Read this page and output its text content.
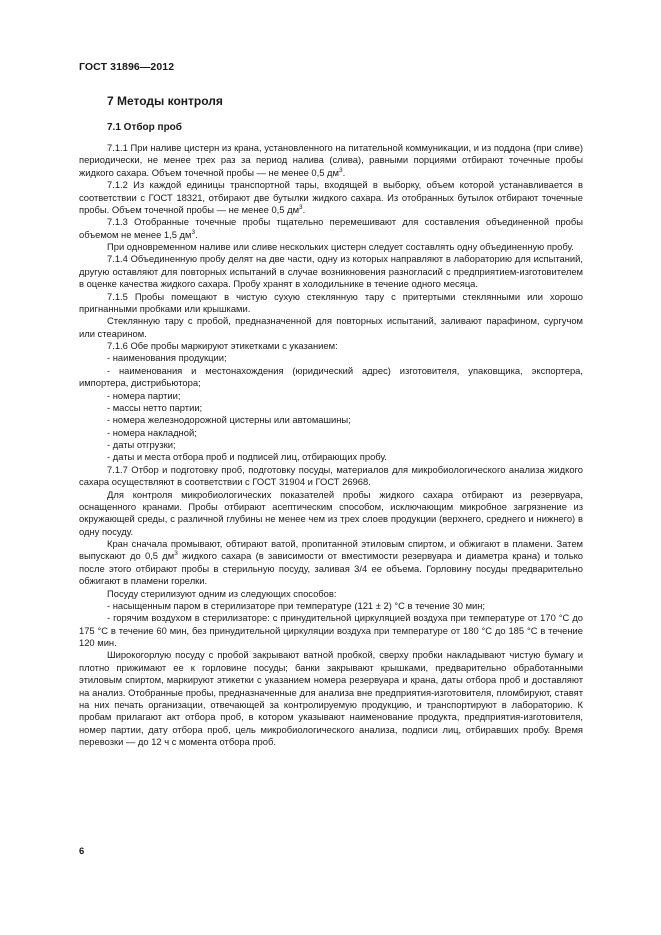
ГОСТ 31896—2012
7 Методы контроля
7.1 Отбор проб

7.1.1 При наливе цистерн из крана, установленного на питательной коммуникации, и из поддона (при сливе) периодически, не менее трех раз за период налива (слива), равными порциями отбирают точечные пробы жидкого сахара. Объем точечной пробы — не менее 0,5 $дм^3$.

7.1.2 Из каждой единицы транспортной тары, входящей в выборку, объем которой устанавливается в соответствии с ГОСТ 18321, отбирают две бутылки жидкого сахара. Из отобранных бутылок отбирают точечные пробы. Объем точечной пробы — не менее 0,5 $дм^3$.

7.1.3 Отобранные точечные пробы тщательно перемешивают для составления объединенной пробы объемом не менее 1,5 $дм^3$.

При одновременном наливе или сливе нескольких цистерн следует составлять одну объединенную пробу.

7.1.4 Объединенную пробу делят на две части, одну из которых направляют в лабораторию для испытаний, другую оставляют для повторных испытаний в случае возникновения разногласий с предприятием-изготовителем в оценке качества жидкого сахара. Пробу хранят в холодильнике в течение одного месяца.

7.1.5 Пробы помещают в чистую сухую стеклянную тару с притертыми стеклянными или хорошо пригнанными пробками или крышками.

Стеклянную тару с пробой, предназначенной для повторных испытаний, заливают парафином, сургучом или стеарином.

7.1.6 Обе пробы маркируют этикетками с указанием:

- наименования продукции;

- наименования и местонахождения (юридический адрес) изготовителя, упаковщика, экспортера, импортера, дистрибьютора;

- номера партии;

- массы нетто партии;

- номера железнодорожной цистерны или автомашины;

- номера накладной;

- даты отгрузки;

- даты и места отбора проб и подписей лиц, отбирающих пробу.

7.1.7 Отбор и подготовку проб, подготовку посуды, материалов для микробиологического анализа жидкого сахара осуществляют в соответствии с ГОСТ 31904 и ГОСТ 26968.

Для контроля микробиологических показателей пробы жидкого сахара отбирают из резервуара, оснащенного кранами. Пробы отбирают асептическим способом, исключающим микробное загрязнение из окружающей среды, с различной глубины не менее чем из трех слоев продукции (верхнего, среднего и нижнего) в одну посуду.

Кран сначала промывают, обтирают ватой, пропитанной этиловым спиртом, и обжигают в пламени. Затем выпускают до 0,5 $дм^3$ жидкого сахара (в зависимости от вместимости резервуара и диаметра крана) и только после этого отбирают пробы в стерильную посуду, заливая 3/4 ее объема. Горловину посуды предварительно обжигают в пламени горелки.

Посуду стерилизуют одним из следующих способов:

- насыщенным паром в стерилизаторе при температуре (121 ± 2) °С в течение 30 мин;

- горячим воздухом в стерилизаторе: с принудительной циркуляцией воздуха при температуре от 170 °С до 175 °С в течение 60 мин, без принудительной циркуляции воздуха при температуре от 180 °С до 185 °С в течение 120 мин.

Широкогорлую посуду с пробой закрывают ватной пробкой, сверху пробки накладывают чистую бумагу и плотно прижимают ее к горловине посуды; банки закрывают крышками, предварительно обработанными этиловым спиртом, маркируют этикетки с указанием номера резервуара и крана, даты отбора проб и доставляют на анализ. Отобранные пробы, предназначенные для анализа вне предприятия-изготовителя, пломбируют, ставят на них печать организации, отвечающей за контролируемую продукцию, и транспортируют в лабораторию. К пробам прилагают акт отбора проб, в котором указывают наименование продукта, предприятия-изготовителя, номер партии, дату отбора проб, цель микробиологического анализа, подписи лиц, отбиравших пробу. Время перевозки — до 12 ч с момента отбора проб.

6
